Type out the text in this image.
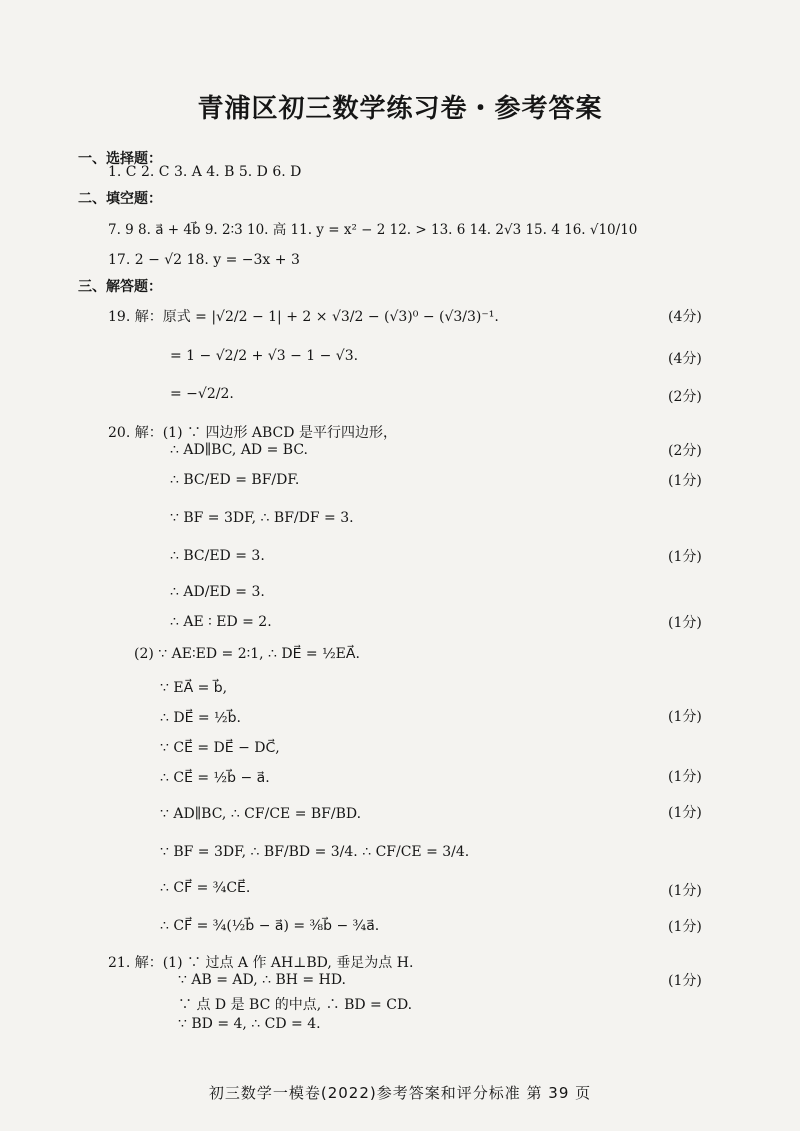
青浦区初三数学练习卷・参考答案
一、选择题：
1. C 2. C 3. A 4. B 5. D 6. D
二、填空题：
7. 9 8. a⃗ + 4b⃗ 9. 2∶3 10. 高 11. y = x² − 2 12. > 13. 6 14. 2√3 15. 4 16. √10/10
17. 2 − √2 18. y = −3x + 3
三、解答题：
19. 解：原式 = |√2/2 − 1| + 2 × √3/2 − (√3)⁰ − (√3/3)⁻¹.	(4分)
= 1 − √2/2 + √3 − 1 − √3.	(4分)
= −√2/2.	(2分)
20. 解：(1) ∵ 四边形 ABCD 是平行四边形，
∴ AD∥BC, AD = BC.	(2分)
∴ BC/ED = BF/DF.	(1分)
∵ BF = 3DF, ∴ BF/DF = 3.
∴ BC/ED = 3.	(1分)
∴ AD/ED = 3.
∴ AE ∶ ED = 2.	(1分)
(2) ∵ AE∶ED = 2∶1, ∴ DE⃗ = ½EA⃗.
∵ EA⃗ = b⃗,
∴ DE⃗ = ½b⃗.	(1分)
∵ CE⃗ = DE⃗ − DC⃗,
∴ CE⃗ = ½b⃗ − a⃗.	(1分)
∵ AD∥BC, ∴ CF/CE = BF/BD.	(1分)
∵ BF = 3DF, ∴ BF/BD = 3/4. ∴ CF/CE = 3/4.
∴ CF⃗ = ¾CE⃗.	(1分)
∴ CF⃗ = ¾(½b⃗ − a⃗) = ⅜b⃗ − ¾a⃗.	(1分)
21. 解：(1) ∵ 过点 A 作 AH⊥BD, 垂足为点 H.
∵ AB = AD, ∴ BH = HD.	(1分)
∵ 点 D 是 BC 的中点, ∴ BD = CD.
∵ BD = 4, ∴ CD = 4.
初三数学一模卷(2022)参考答案和评分标准 第 39 页
